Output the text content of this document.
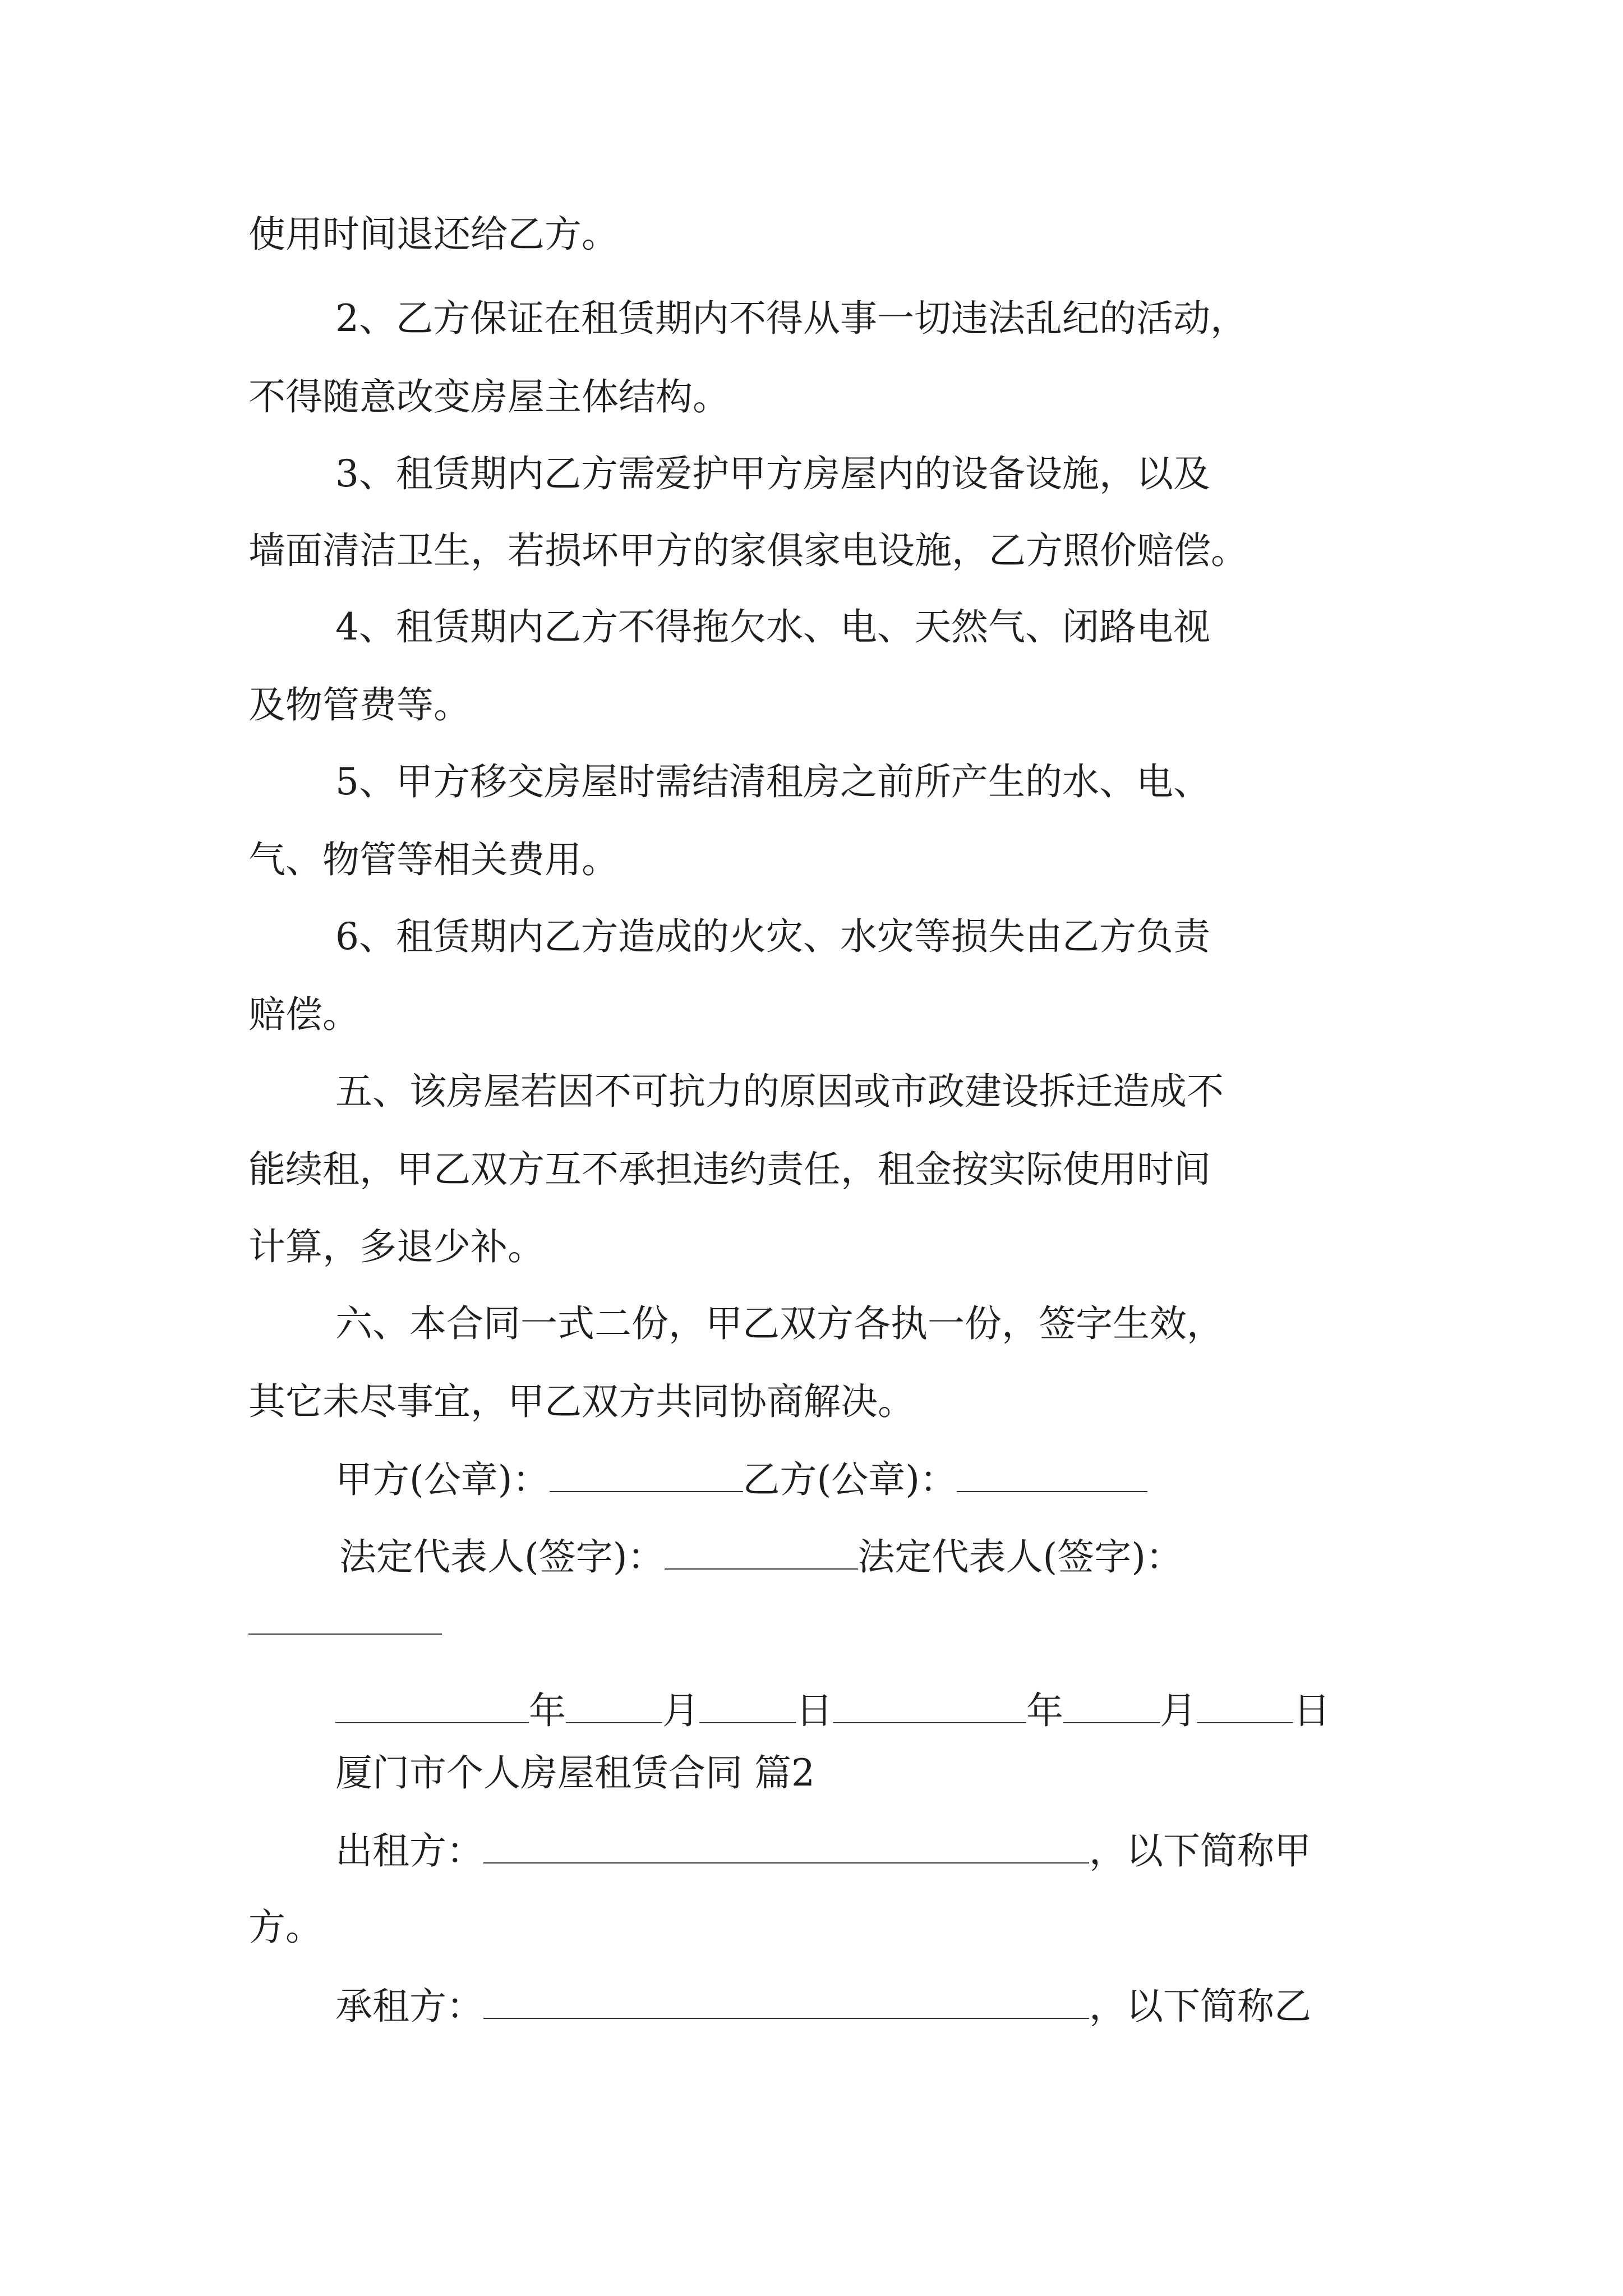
使用时间退还给乙方。
2、乙方保证在租赁期内不得从事一切违法乱纪的活动，
不得随意改变房屋主体结构。
3、租赁期内乙方需爱护甲方房屋内的设备设施，以及
墙面清洁卫生，若损坏甲方的家俱家电设施，乙方照价赔偿。
4、租赁期内乙方不得拖欠水、电、天然气、闭路电视
及物管费等。
5、甲方移交房屋时需结清租房之前所产生的水、电、
气、物管等相关费用。
6、租赁期内乙方造成的火灾、水灾等损失由乙方负责
赔偿。
五、该房屋若因不可抗力的原因或市政建设拆迁造成不
能续租，甲乙双方互不承担违约责任，租金按实际使用时间
计算，多退少补。
六、本合同一式二份，甲乙双方各执一份，签字生效，
其它未尽事宜，甲乙双方共同协商解决。
甲方(公章)：	乙方(公章)：
法定代表人(签字)：	法定代表人(签字)：
年	月	日	年	月	日
厦门市个人房屋租赁合同 篇2
出租方：	，以下简称甲
方。
承租方：	，以下简称乙
